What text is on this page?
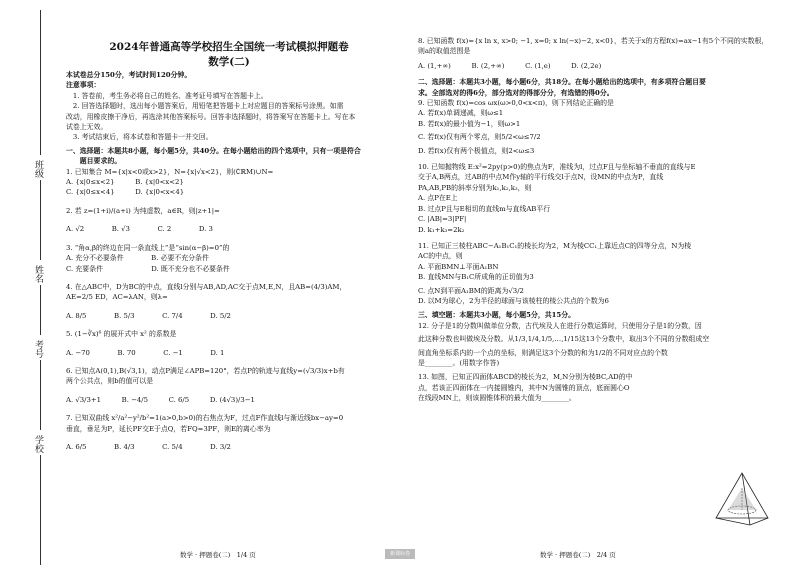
班级
姓名
考号
学校

2024年普通高等学校招生全国统一考试模拟押题卷

数学(二)

本试卷总分150分，考试时间120分钟。

注意事项：

　1. 答卷前，考生务必将自己的姓名、准考证号填写在答题卡上。

　2. 回答选择题时，选出每小题答案后，用铅笔把答题卡上对应题目的答案标号涂黑。如需

改动，用橡皮擦干净后，再选涂其他答案标号。回答非选择题时，将答案写在答题卡上。写在本

试卷上无效。

　3. 考试结束后，将本试卷和答题卡一并交回。

一、选择题：本题共8小题，每小题5分，共40分。在每小题给出的四个选项中，只有一项是符合

　　题目要求的。

1. 已知集合 M={x|x<0或x>2}，N={x|√x<2}，则(∁ℝM)∪N=

A. {x|0≤x<2}　　　B. {x|0<x<2}

C. {x|0≤x<4}　　　D. {x|0<x<4}

2. 若 z=(1+i)/(a+i) 为纯虚数，a∈R，则|z+1|=

A. √2　　　　B. √3　　　　C. 2　　　　D. 3

3. “角α,β的终边在同一条直线上”是“sin(α−β)=0”的

A. 充分不必要条件　　　　B. 必要不充分条件

C. 充要条件　　　　　　　D. 既不充分也不必要条件

4. 在△ABC中，D为BC的中点，直线l分别与AB,AD,AC交于点M,E,N，且AB=(4/3)AM，

AE=2/5 ED，AC=λAN，则λ=

A. 8/5　　　　B. 5/3　　　　C. 7/4　　　　D. 5/2

5. (1−∛x)⁶ 的展开式中 x² 的系数是

A. −70　　　　B. 70　　　　C. −1　　　　D. 1

6. 已知点A(0,1),B(√3,1)，动点P满足∠APB=120°，若点P的轨迹与直线y=(√3/3)x+b有

两个公共点，则b的值可以是

A. √3/3+1　　　B. −4/5　　　C. 6/5　　　D. (4√3)/3−1

7. 已知双曲线 x²/a²−y²/b²=1(a>0,b>0)的右焦点为F，过点F作直线l与渐近线bx−ay=0

垂直，垂足为P，延长PF交E于点Q，若FQ=3PF，则E的离心率为

A. 6/5　　　　B. 4/3　　　　C. 5/4　　　　D. 3/2

8. 已知函数 f(x)={x ln x, x>0; −1, x=0; x ln(−x)−2, x<0}，若关于x的方程f(x)=ax−1有5个不同的实数根，

则a的取值范围是

A. (1,+∞)　　　B. (2,+∞)　　　C. (1,e)　　　D. (2,2e)

二、选择题：本题共3小题，每小题6分，共18分。在每小题给出的选项中，有多项符合题目要

求。全部选对的得6分，部分选对的得部分分，有选错的得0分。

9. 已知函数 f(x)=cos ωx(ω>0,0<x<π)，则下列结论正确的是

A. 若f(x)单调递减，则ω≤1

B. 若f(x)的最小值为−1，则ω>1

C. 若f(x)仅有两个零点，则5/2<ω≤7/2

D. 若f(x)仅有两个极值点，则2<ω≤3

10. 已知抛物线 E:x²=2py(p>0)的焦点为F，准线为l，过点F且与坐标轴不垂直的直线与E

交于A,B两点，过AB的中点M作y轴的平行线交l于点N，设MN的中点为P，直线

PA,AB,PB的斜率分别为k₁,k₂,k₃，则

A. 点P在E上

B. 过点P且与E相切的直线m与直线AB平行

C. |AB|=3|PF|

D. k₁+k₃=2k₂

11. 已知正三棱柱ABC−A₁B₁C₁的棱长均为2，M为棱CC₁上靠近点C的四等分点，N为棱

AC的中点，则

A. 平面BMN⊥平面A₁BN

B. 直线MN与B₁C所成角的正切值为3

C. 点N到平面A₁BM的距离为√3/2

D. 以M为球心，2为半径的球面与该棱柱的棱公共点的个数为6

三、填空题：本题共3小题，每小题5分，共15分。

12. 分子是1的分数叫做单位分数，古代埃及人在进行分数运算时，只使用分子是1的分数，因

此这种分数也叫做埃及分数。从1/3,1/4,1/5,…,1/15这13个分数中，取出3个不同的分数组成空

间直角坐标系内的一个点的坐标，则满足这3个分数的和为1/2的不同对应点的个数

是________。(用数字作答)

13. 如图，已知正四面体ABCD的棱长为2，M,N分别为棱BC,AD的中

点，若该正四面体在一内接圆锥内，其中N为圆锥的顶点，底面圆心O

在线段MN上，则该圆锥体积的最大值为________。

数学 · 押题卷(二)　1/4 页	新课标卷	数学 · 押题卷(二)　2/4 页
